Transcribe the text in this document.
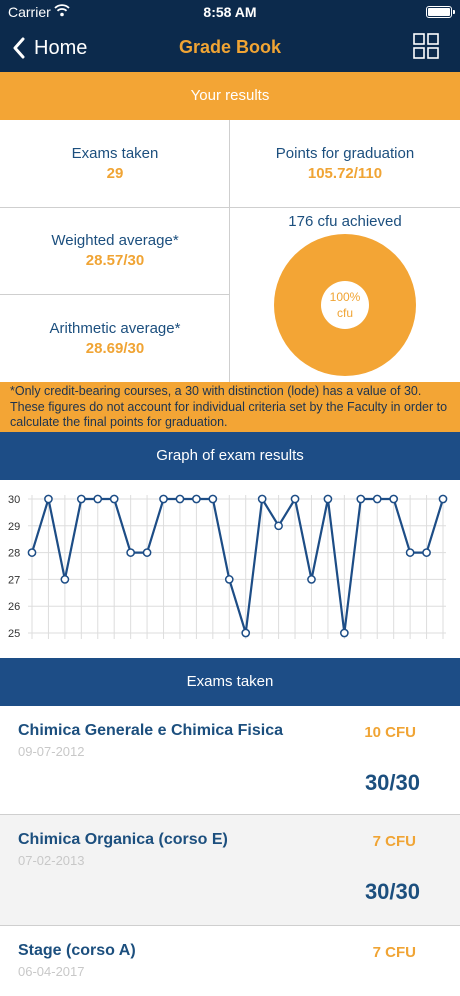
Carrier	8:58 AM
Home	Grade Book
Your results
Exams taken
29
Points for graduation
105.72/110
Weighted average*
28.57/30
Arithmetic average*
28.69/30
176 cfu achieved
100%
cfu
*Only credit-bearing courses, a 30 with distinction (lode) has a value of 30. These figures do not account for individual criteria set by the Faculty in order to calculate the final points for graduation.
Graph of exam results
25
26
27
28
29
30
Exams taken
Chimica Generale e Chimica Fisica
09-07-2012
10 CFU
30/30
Chimica Organica (corso E)
07-02-2013
7 CFU
30/30
Stage (corso A)
06-04-2017
7 CFU
